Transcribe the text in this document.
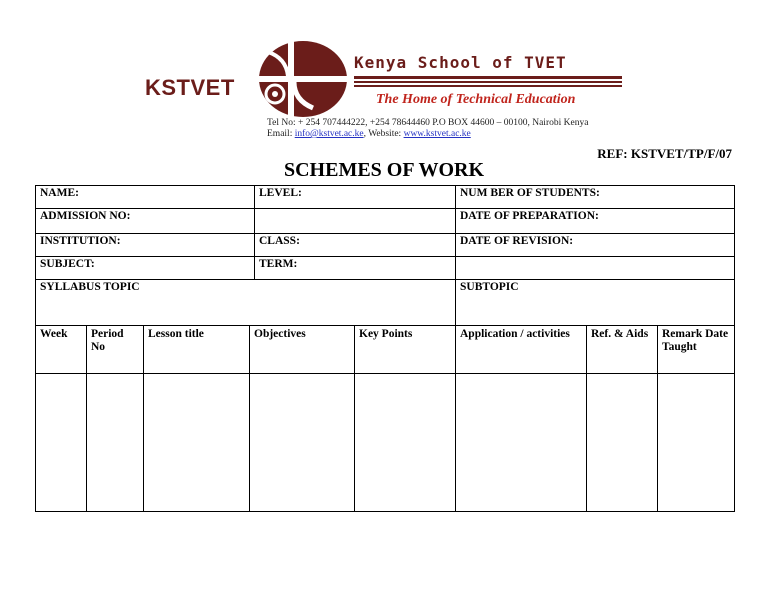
KSTVET
Kenya School of TVET
The Home of Technical Education
Tel No: + 254 707444222, +254 78644460 P.O BOX 44600 – 00100, Nairobi Kenya
Email: info@kstvet.ac.ke, Website: www.kstvet.ac.ke
REF: KSTVET/TP/F/07
SCHEMES OF WORK
NAME:	LEVEL:	NUM BER OF STUDENTS:
ADMISSION NO:		DATE OF PREPARATION:
INSTITUTION:	CLASS:	DATE OF REVISION:
SUBJECT:	TERM:	
SYLLABUS TOPIC		SUBTOPIC
Week	Period No	Lesson title	Objectives	Key Points	Application / activities	Ref. & Aids	Remark Date Taught
